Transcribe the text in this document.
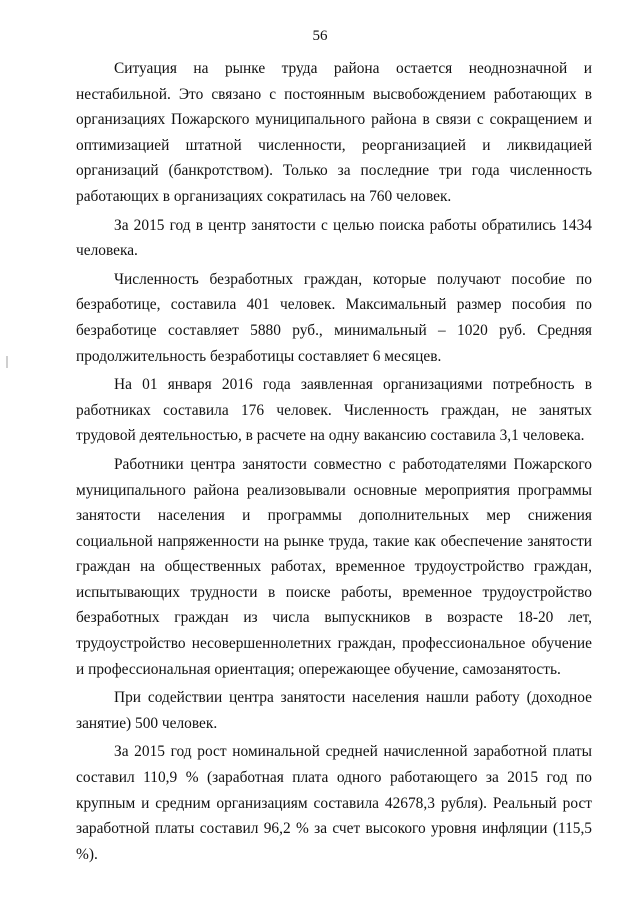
56

Ситуация на рынке труда района остается неоднозначной и нестабильной. Это связано с постоянным высвобождением работающих в организациях Пожарского муниципального района в связи с сокращением и оптимизацией штатной численности, реорганизацией и ликвидацией организаций (банкротством). Только за последние три года численность работающих в организациях сократилась на 760 человек.

За 2015 год в центр занятости с целью поиска работы обратились 1434 человека.

Численность безработных граждан, которые получают пособие по безработице, составила 401 человек. Максимальный размер пособия по безработице составляет 5880 руб., минимальный – 1020 руб. Средняя продолжительность безработицы составляет 6 месяцев.

На 01 января 2016 года заявленная организациями потребность в работниках составила 176 человек. Численность граждан, не занятых трудовой деятельностью, в расчете на одну вакансию составила 3,1 человека.

Работники центра занятости совместно с работодателями Пожарского муниципального района реализовывали основные мероприятия программы занятости населения и программы дополнительных мер снижения социальной напряженности на рынке труда, такие как обеспечение занятости граждан на общественных работах, временное трудоустройство граждан, испытывающих трудности в поиске работы, временное трудоустройство безработных граждан из числа выпускников в возрасте 18-20 лет, трудоустройство несовершеннолетних граждан, профессиональное обучение и профессиональная ориентация; опережающее обучение, самозанятость.

При содействии центра занятости населения нашли работу (доходное занятие) 500 человек.

За 2015 год рост номинальной средней начисленной заработной платы составил 110,9 % (заработная плата одного работающего за 2015 год по крупным и средним организациям составила 42678,3 рубля). Реальный рост заработной платы составил 96,2 % за счет высокого уровня инфляции (115,5 %).
